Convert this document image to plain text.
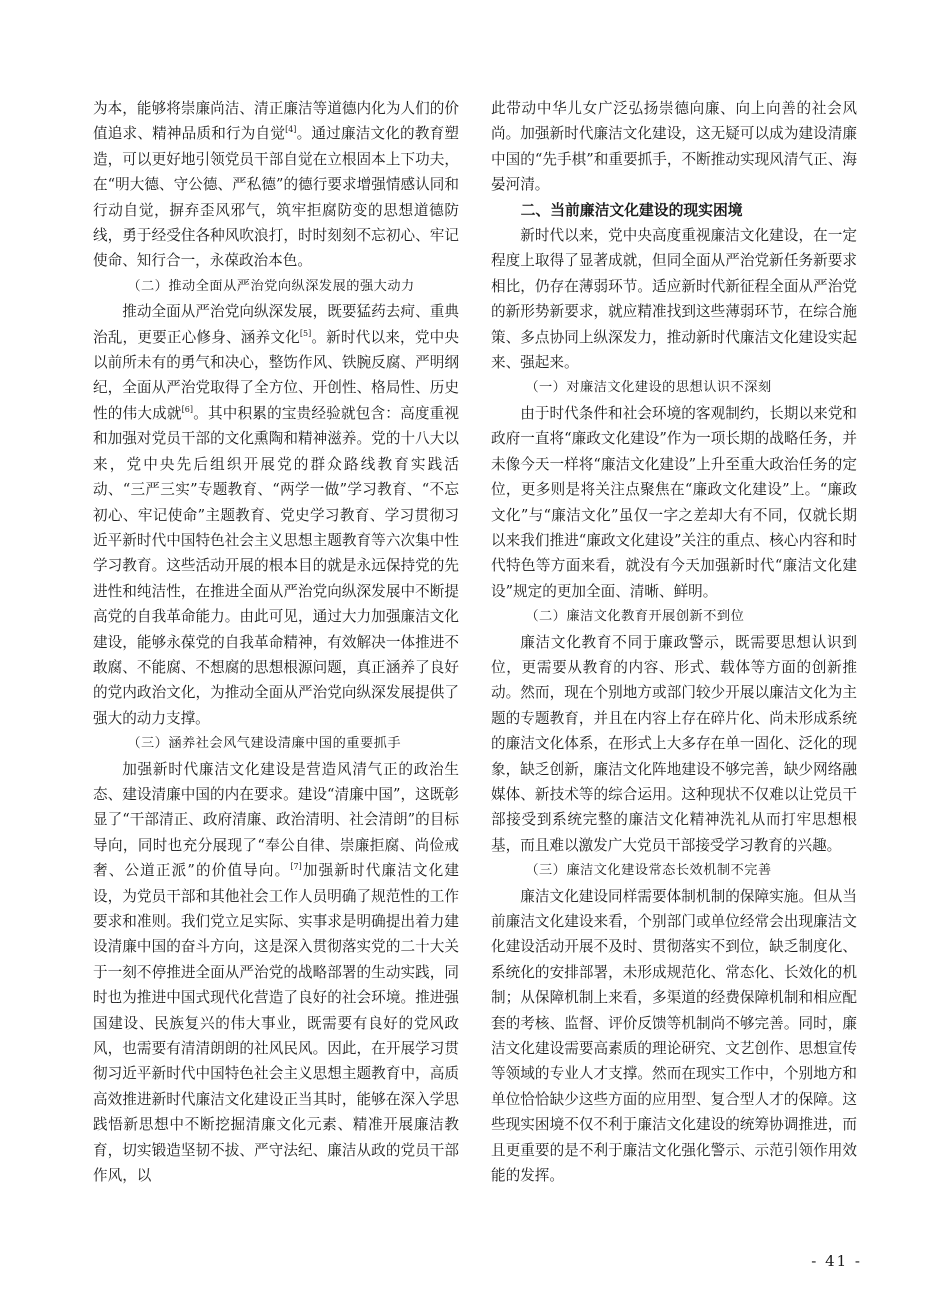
为本，能够将崇廉尚洁、清正廉洁等道德内化为人们的价值追求、精神品质和行为自觉[4]。通过廉洁文化的教育塑造，可以更好地引领党员干部自觉在立根固本上下功夫，在“明大德、守公德、严私德”的德行要求增强情感认同和行动自觉，摒弃歪风邪气，筑牢拒腐防变的思想道德防线，勇于经受住各种风吹浪打，时时刻刻不忘初心、牢记使命、知行合一，永葆政治本色。

（二）推动全面从严治党向纵深发展的强大动力

推动全面从严治党向纵深发展，既要猛药去疴、重典治乱，更要正心修身、涵养文化[5]。新时代以来，党中央以前所未有的勇气和决心，整饬作风、铁腕反腐、严明纲纪，全面从严治党取得了全方位、开创性、格局性、历史性的伟大成就[6]。其中积累的宝贵经验就包含：高度重视和加强对党员干部的文化熏陶和精神滋养。党的十八大以来，党中央先后组织开展党的群众路线教育实践活动、“三严三实”专题教育、“两学一做”学习教育、“不忘初心、牢记使命”主题教育、党史学习教育、学习贯彻习近平新时代中国特色社会主义思想主题教育等六次集中性学习教育。这些活动开展的根本目的就是永远保持党的先进性和纯洁性，在推进全面从严治党向纵深发展中不断提高党的自我革命能力。由此可见，通过大力加强廉洁文化建设，能够永葆党的自我革命精神，有效解决一体推进不敢腐、不能腐、不想腐的思想根源问题，真正涵养了良好的党内政治文化，为推动全面从严治党向纵深发展提供了强大的动力支撑。

（三）涵养社会风气建设清廉中国的重要抓手

加强新时代廉洁文化建设是营造风清气正的政治生态、建设清廉中国的内在要求。建设“清廉中国”，这既彰显了“干部清正、政府清廉、政治清明、社会清朗”的目标导向，同时也充分展现了“奉公自律、崇廉拒腐、尚俭戒奢、公道正派”的价值导向。[7]加强新时代廉洁文化建设，为党员干部和其他社会工作人员明确了规范性的工作要求和准则。我们党立足实际、实事求是明确提出着力建设清廉中国的奋斗方向，这是深入贯彻落实党的二十大关于一刻不停推进全面从严治党的战略部署的生动实践，同时也为推进中国式现代化营造了良好的社会环境。推进强国建设、民族复兴的伟大事业，既需要有良好的党风政风，也需要有清清朗朗的社风民风。因此，在开展学习贯彻习近平新时代中国特色社会主义思想主题教育中，高质高效推进新时代廉洁文化建设正当其时，能够在深入学思践悟新思想中不断挖掘清廉文化元素、精准开展廉洁教育，切实锻造坚韧不拔、严守法纪、廉洁从政的党员干部作风，以

此带动中华儿女广泛弘扬崇德向廉、向上向善的社会风尚。加强新时代廉洁文化建设，这无疑可以成为建设清廉中国的“先手棋”和重要抓手，不断推动实现风清气正、海晏河清。

二、当前廉洁文化建设的现实困境

新时代以来，党中央高度重视廉洁文化建设，在一定程度上取得了显著成就，但同全面从严治党新任务新要求相比，仍存在薄弱环节。适应新时代新征程全面从严治党的新形势新要求，就应精准找到这些薄弱环节，在综合施策、多点协同上纵深发力，推动新时代廉洁文化建设实起来、强起来。

（一）对廉洁文化建设的思想认识不深刻

由于时代条件和社会环境的客观制约，长期以来党和政府一直将“廉政文化建设”作为一项长期的战略任务，并未像今天一样将“廉洁文化建设”上升至重大政治任务的定位，更多则是将关注点聚焦在“廉政文化建设”上。“廉政文化”与“廉洁文化”虽仅一字之差却大有不同，仅就长期以来我们推进“廉政文化建设”关注的重点、核心内容和时代特色等方面来看，就没有今天加强新时代“廉洁文化建设”规定的更加全面、清晰、鲜明。

（二）廉洁文化教育开展创新不到位

廉洁文化教育不同于廉政警示，既需要思想认识到位，更需要从教育的内容、形式、载体等方面的创新推动。然而，现在个别地方或部门较少开展以廉洁文化为主题的专题教育，并且在内容上存在碎片化、尚未形成系统的廉洁文化体系，在形式上大多存在单一固化、泛化的现象，缺乏创新，廉洁文化阵地建设不够完善，缺少网络融媒体、新技术等的综合运用。这种现状不仅难以让党员干部接受到系统完整的廉洁文化精神洗礼从而打牢思想根基，而且难以激发广大党员干部接受学习教育的兴趣。

（三）廉洁文化建设常态长效机制不完善

廉洁文化建设同样需要体制机制的保障实施。但从当前廉洁文化建设来看，个别部门或单位经常会出现廉洁文化建设活动开展不及时、贯彻落实不到位，缺乏制度化、系统化的安排部署，未形成规范化、常态化、长效化的机制；从保障机制上来看，多渠道的经费保障机制和相应配套的考核、监督、评价反馈等机制尚不够完善。同时，廉洁文化建设需要高素质的理论研究、文艺创作、思想宣传等领域的专业人才支撑。然而在现实工作中，个别地方和单位恰恰缺少这些方面的应用型、复合型人才的保障。这些现实困境不仅不利于廉洁文化建设的统筹协调推进，而且更重要的是不利于廉洁文化强化警示、示范引领作用效能的发挥。

- 41 -
